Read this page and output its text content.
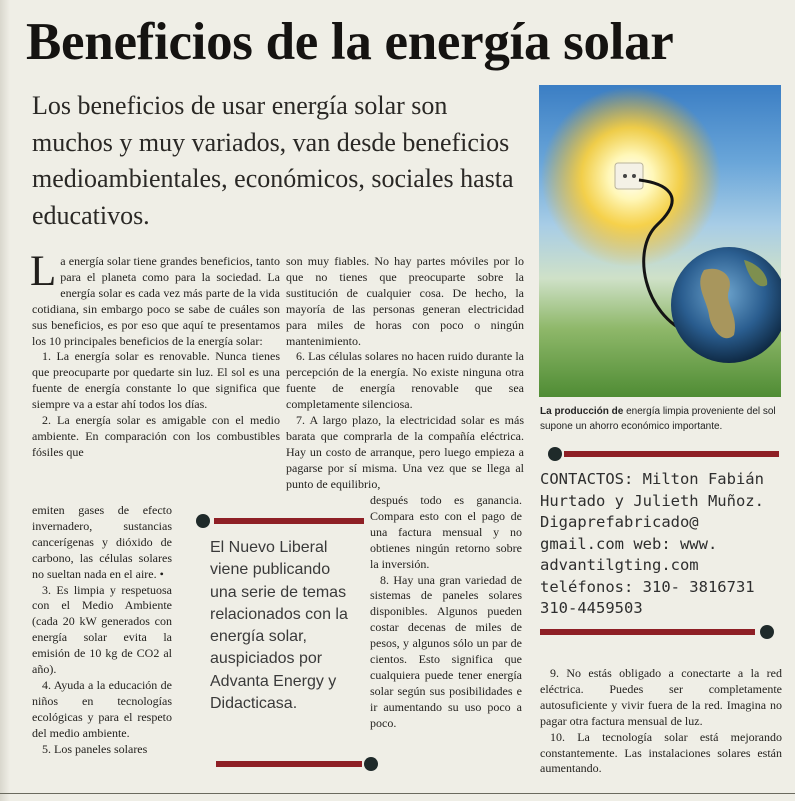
Beneficios de la energía solar
Los beneficios de usar energía solar son muchos y muy variados, van desde beneficios medioambientales, económicos, sociales hasta educativos.
La producción de energía limpia proveniente del sol supone un ahorro económico importante.

La energía solar tiene grandes beneficios, tanto para el planeta como para la sociedad. La energía solar es cada vez más parte de la vida cotidiana, sin embargo poco se sabe de cuáles son sus beneficios, es por eso que aquí te presentamos los 10 principales beneficios de la energía solar:

1. La energía solar es renovable. Nunca tienes que preocuparte por quedarte sin luz. El sol es una fuente de energía constante lo que significa que siempre va a estar ahí todos los días.

2. La energía solar es amigable con el medio ambiente. En comparación con los combustibles fósiles que

emiten gases de efecto invernadero, sustancias cancerígenas y dióxido de carbono, las células solares no sueltan nada en el aire. •

3. Es limpia y respetuosa con el Medio Ambiente (cada 20 kW generados con energía solar evita la emisión de 10 kg de CO2 al año).

4. Ayuda a la educación de niños en tecnologías ecológicas y para el respeto del medio ambiente.

5. Los paneles solares

son muy fiables. No hay partes móviles por lo que no tienes que preocuparte sobre la sustitución de cualquier cosa. De hecho, la mayoría de las personas generan electricidad para miles de horas con poco o ningún mantenimiento.

6. Las células solares no hacen ruido durante la percepción de la energía. No existe ninguna otra fuente de energía renovable que sea completamente silenciosa.

7. A largo plazo, la electricidad solar es más barata que comprarla de la compañía eléctrica. Hay un costo de arranque, pero luego empieza a pagarse por sí misma. Una vez que se llega al punto de equilibrio,

después todo es ganancia. Compara esto con el pago de una factura mensual y no obtienes ningún retorno sobre la inversión.

8. Hay una gran variedad de sistemas de paneles solares disponibles. Algunos pueden costar decenas de miles de pesos, y algunos sólo un par de cientos. Esto significa que cualquiera puede tener energía solar según sus posibilidades e ir aumentando su uso poco a poco.

9. No estás obligado a conectarte a la red eléctrica. Puedes ser completamente autosuficiente y vivir fuera de la red. Imagina no pagar otra factura mensual de luz.

10. La tecnología solar está mejorando constantemente. Las instalaciones solares están aumentando.

CONTACTOS: Milton Fabián Hurtado y Julieth Muñoz. Digaprefabricado@ gmail.com web: www. advantilgting.com teléfonos: 310- 3816731 310-4459503
El Nuevo Liberal viene publicando una serie de temas relacionados con la energía solar, auspiciados por Advanta Energy y Didacticasa.
